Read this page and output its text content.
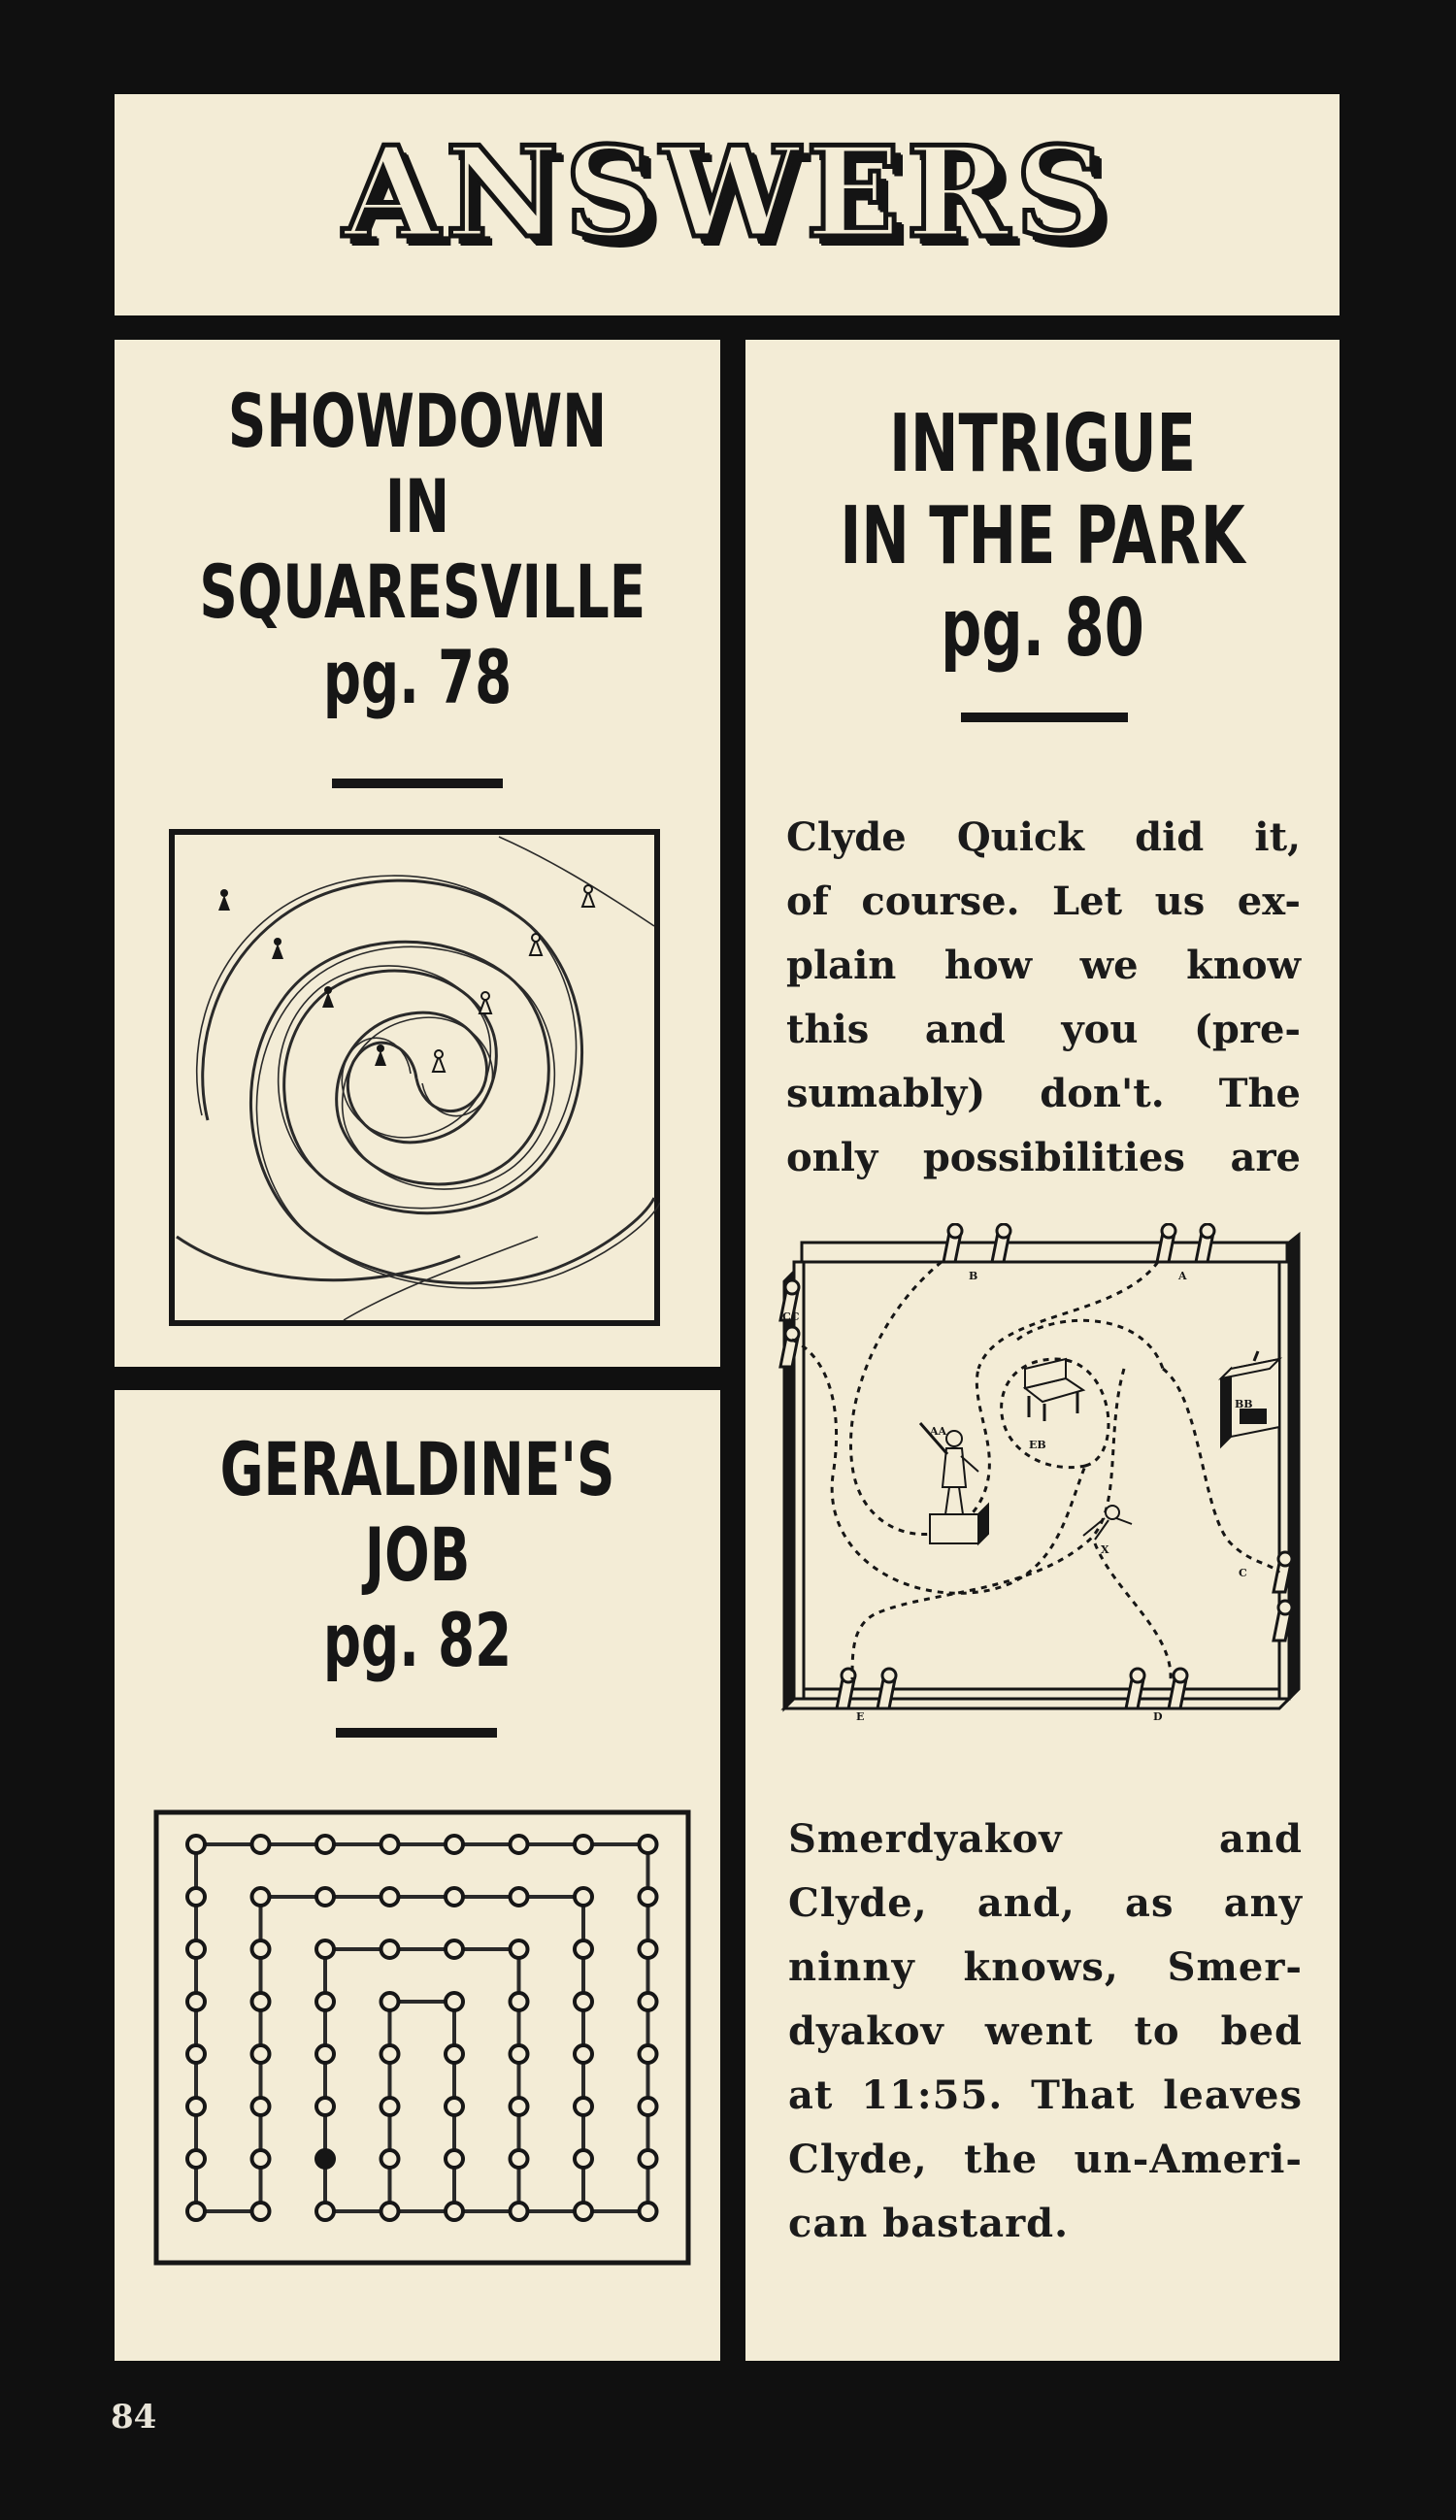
ANSWERS
SHOWDOWN
IN
SQUARESVILLE
pg. 78
GERALDINE'S
JOB
pg. 82
INTRIGUE
IN THE PARK
pg. 80
Clyde Quick did it,
of course. Let us ex-
plain how we know
this and you (pre-
sumably) don't. The
only possibilities are
B	A
CC
AA
BB
EB
X
C
E	D
Smerdyakov and
Clyde, and, as any
ninny knows, Smer-
dyakov went to bed
at 11:55. That leaves
Clyde, the un-Ameri-
can bastard.
84
